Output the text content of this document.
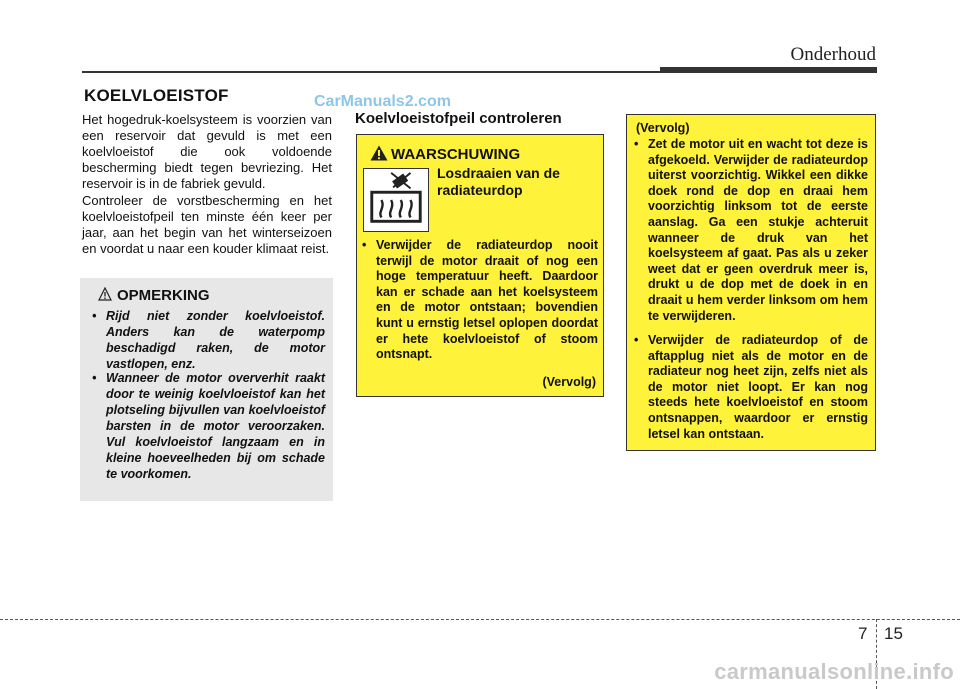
Onderhoud
KOELVLOEISTOF	CarManuals2.com
Het hogedruk-koelsysteem is voorzien van een reservoir dat gevuld is met een koelvloeistof die ook voldoende bescherming biedt tegen bevriezing. Het reservoir is in de fabriek gevuld.
Controleer de vorstbescherming en het koelvloeistofpeil ten minste één keer per jaar, aan het begin van het winterseizoen en voordat u naar een kouder klimaat reist.
OPMERKING
• Rijd niet zonder koelvloeistof. Anders kan de waterpomp beschadigd raken, de motor vastlopen, enz.
• Wanneer de motor oververhit raakt door te weinig koelvloeistof kan het plotseling bijvullen van koelvloeistof barsten in de motor veroorzaken. Vul koelvloeistof langzaam en in kleine hoeveelheden bij om schade te voorkomen.
Koelvloeistofpeil controleren
WAARSCHUWING
Losdraaien van de radiateurdop
• Verwijder de radiateurdop nooit terwijl de motor draait of nog een hoge temperatuur heeft. Daardoor kan er schade aan het koelsysteem en de motor ontstaan; bovendien kunt u ernstig letsel oplopen doordat er hete koelvloeistof of stoom ontsnapt.
(Vervolg)
(Vervolg)
• Zet de motor uit en wacht tot deze is afgekoeld. Verwijder de radiateurdop uiterst voorzichtig. Wikkel een dikke doek rond de dop en draai hem voorzichtig linksom tot de eerste aanslag. Ga een stukje achteruit wanneer de druk van het koelsysteem af gaat. Pas als u zeker weet dat er geen overdruk meer is, drukt u de dop met de doek in en draait u hem verder linksom om hem te verwijderen.
• Verwijder de radiateurdop of de aftapplug niet als de motor en de radiateur nog heet zijn, zelfs niet als de motor niet loopt. Er kan nog steeds hete koelvloeistof en stoom ontsnappen, waardoor er ernstig letsel kan ontstaan.
7 15
carmanualsonline.info
